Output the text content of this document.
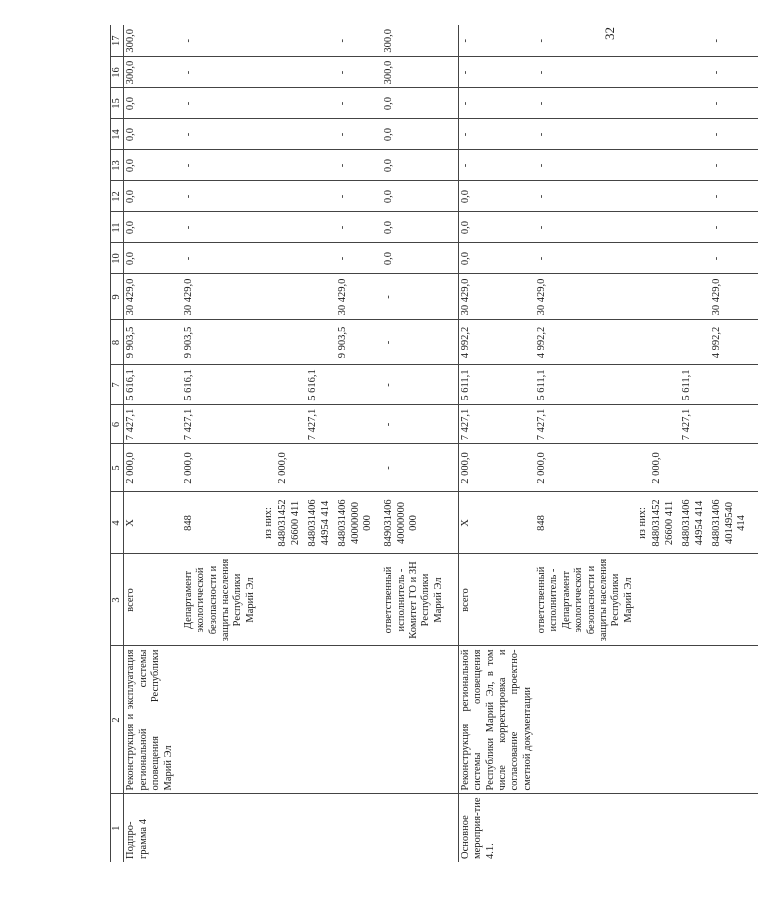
32
1	2	3	4	5	6	7	8	9	10	11	12	13	14	15	16	17
Подпро-грамма 4	Реконструкция и эксплуатация региональной системы оповещения Республики Марий Эл	всего	Х	2 000,0	7 427,1	5 616,1	9 903,5	30 429,0	0,0	0,0	0,0	0,0	0,0	0,0	300,0	300,0
		Департамент экологической безопасности и защиты населения Республики Марий Эл	848	2 000,0	7 427,1	5 616,1	9 903,5	30 429,0	-	-	-	-	-	-	-	-
			из них:													
			848031452 26600 411	2 000,0												
			848031406 44954 414		7 427,1	5 616,1										
			848031406 40000000 000				9 903,5	30 429,0	-	-	-	-	-	-	-	-
		ответственный исполнитель - Комитет ГО и ЗН Республики Марий Эл	849031406 40000000 000	-	-	-	-	-	0,0	0,0	0,0	0,0	0,0	0,0	300,0	300,0
Основное мероприя-тие 4.1.	Реконструкция региональной системы оповещения Республики Марий Эл, в том числе корректировка и согласование проектно-сметной документации	всего	Х	2 000,0	7 427,1	5 611,1	4 992,2	30 429,0	0,0	0,0	0,0	-	-	-	-	-
		ответственный исполнитель - Департамент экологической безопасности и защиты населения Республики Марий Эл	848	2 000,0	7 427,1	5 611,1	4 992,2	30 429,0	-	-	-	-	-	-	-	-
			из них:													
			848031452 26600 411	2 000,0												
			848031406 44954 414		7 427,1	5 611,1										
			848031406 40149540 414				4 992,2	30 429,0	-	-	-	-	-	-	-	-
